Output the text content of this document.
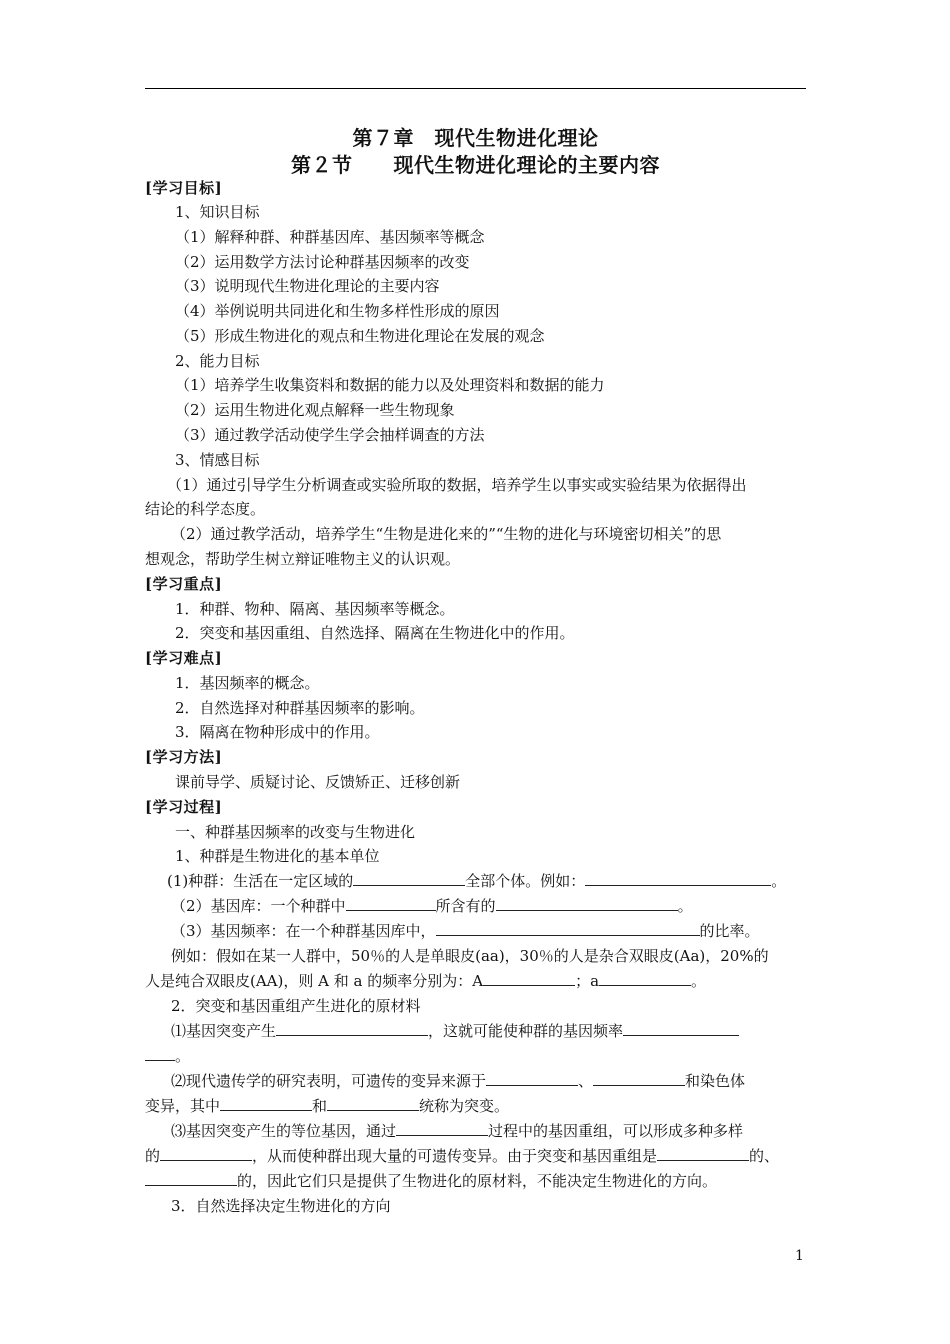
第７章　现代生物进化理论
第２节　　现代生物进化理论的主要内容
[学习目标]
1、知识目标
（1）解释种群、种群基因库、基因频率等概念
（2）运用数学方法讨论种群基因频率的改变
（3）说明现代生物进化理论的主要内容
（4）举例说明共同进化和生物多样性形成的原因
（5）形成生物进化的观点和生物进化理论在发展的观念
2、能力目标
（1）培养学生收集资料和数据的能力以及处理资料和数据的能力
（2）运用生物进化观点解释一些生物现象
（3）通过教学活动使学生学会抽样调查的方法
3、情感目标
（1）通过引导学生分析调查或实验所取的数据，培养学生以事实或实验结果为依据得出
结论的科学态度。
（2）通过教学活动，培养学生“生物是进化来的”“生物的进化与环境密切相关”的思
想观念，帮助学生树立辩证唯物主义的认识观。
[学习重点]
1．种群、物种、隔离、基因频率等概念。
2．突变和基因重组、自然选择、隔离在生物进化中的作用。
[学习难点]
1．基因频率的概念。
2．自然选择对种群基因频率的影响。
3．隔离在物种形成中的作用。
[学习方法]
课前导学、质疑讨论、反馈矫正、迁移创新
[学习过程]
一、种群基因频率的改变与生物进化
1、种群是生物进化的基本单位
(1)种群：生活在一定区域的	全部个体。例如：	。
（2）基因库：一个种群中	所含有的	。
（3）基因频率：在一个种群基因库中，	的比率。
例如：假如在某一人群中，50％的人是单眼皮(aa)，30％的人是杂合双眼皮(Aa)，20%的
人是纯合双眼皮(AA)，则 A 和 a 的频率分别为：A	；a	。
2．突变和基因重组产生进化的原材料
⑴基因突变产生	，这就可能使种群的基因频率
。
⑵现代遗传学的研究表明，可遗传的变异来源于	、	和染色体
变异，其中	和	统称为突变。
⑶基因突变产生的等位基因，通过	过程中的基因重组，可以形成多种多样
的	，从而使种群出现大量的可遗传变异。由于突变和基因重组是	的、
的，因此它们只是提供了生物进化的原材料，不能决定生物进化的方向。
3．自然选择决定生物进化的方向
1
